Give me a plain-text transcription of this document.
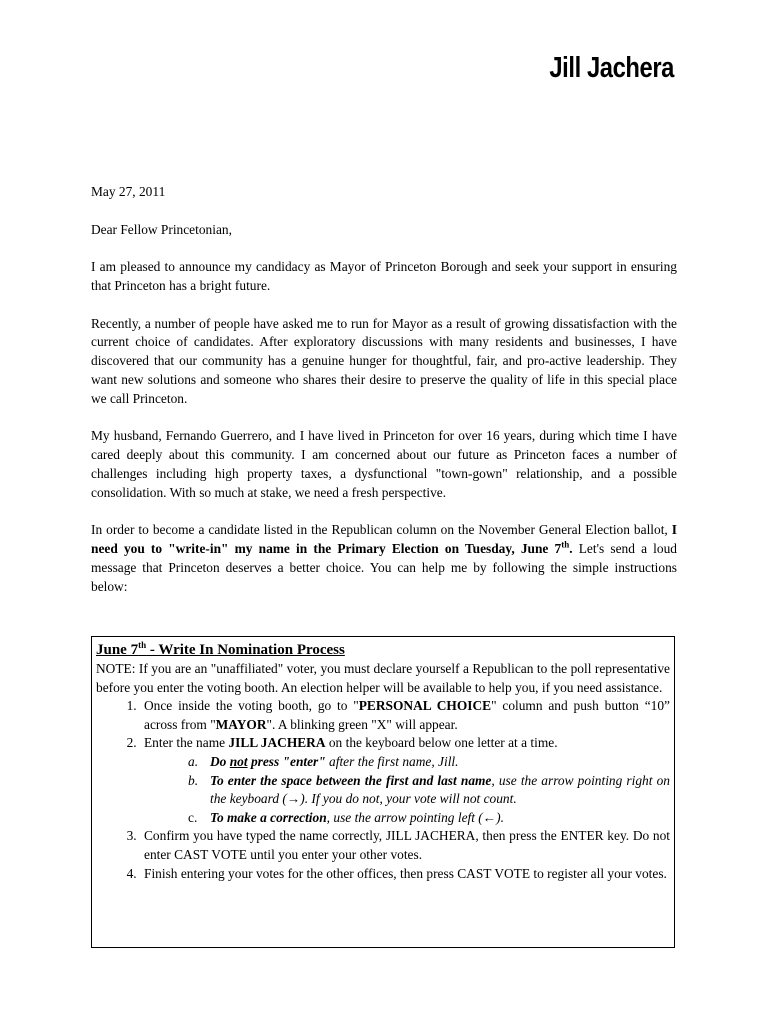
Jill Jachera

May 27, 2011

Dear Fellow Princetonian,

I am pleased to announce my candidacy as Mayor of Princeton Borough and seek your support in ensuring that Princeton has a bright future.

Recently, a number of people have asked me to run for Mayor as a result of growing dissatisfaction with the current choice of candidates. After exploratory discussions with many residents and businesses, I have discovered that our community has a genuine hunger for thoughtful, fair, and pro-active leadership. They want new solutions and someone who shares their desire to preserve the quality of life in this special place we call Princeton.

My husband, Fernando Guerrero, and I have lived in Princeton for over 16 years, during which time I have cared deeply about this community. I am concerned about our future as Princeton faces a number of challenges including high property taxes, a dysfunctional "town-gown" relationship, and a possible consolidation. With so much at stake, we need a fresh perspective.

In order to become a candidate listed in the Republican column on the November General Election ballot, I need you to "write-in" my name in the Primary Election on Tuesday, June 7th. Let's send a loud message that Princeton deserves a better choice. You can help me by following the simple instructions below:

June 7th - Write In Nomination Process
NOTE: If you are an "unaffiliated" voter, you must declare yourself a Republican to the poll representative before you enter the voting booth. An election helper will be available to help you, if you need assistance.
1. Once inside the voting booth, go to "PERSONAL CHOICE" column and push button “10” across from "MAYOR". A blinking green "X" will appear.
2. Enter the name JILL JACHERA on the keyboard below one letter at a time.
a. Do not press "enter" after the first name, Jill.
b. To enter the space between the first and last name, use the arrow pointing right on the keyboard (→). If you do not, your vote will not count.
c. To make a correction, use the arrow pointing left (←).
3. Confirm you have typed the name correctly, JILL JACHERA, then press the ENTER key. Do not enter CAST VOTE until you enter your other votes.
4. Finish entering your votes for the other offices, then press CAST VOTE to register all your votes.
